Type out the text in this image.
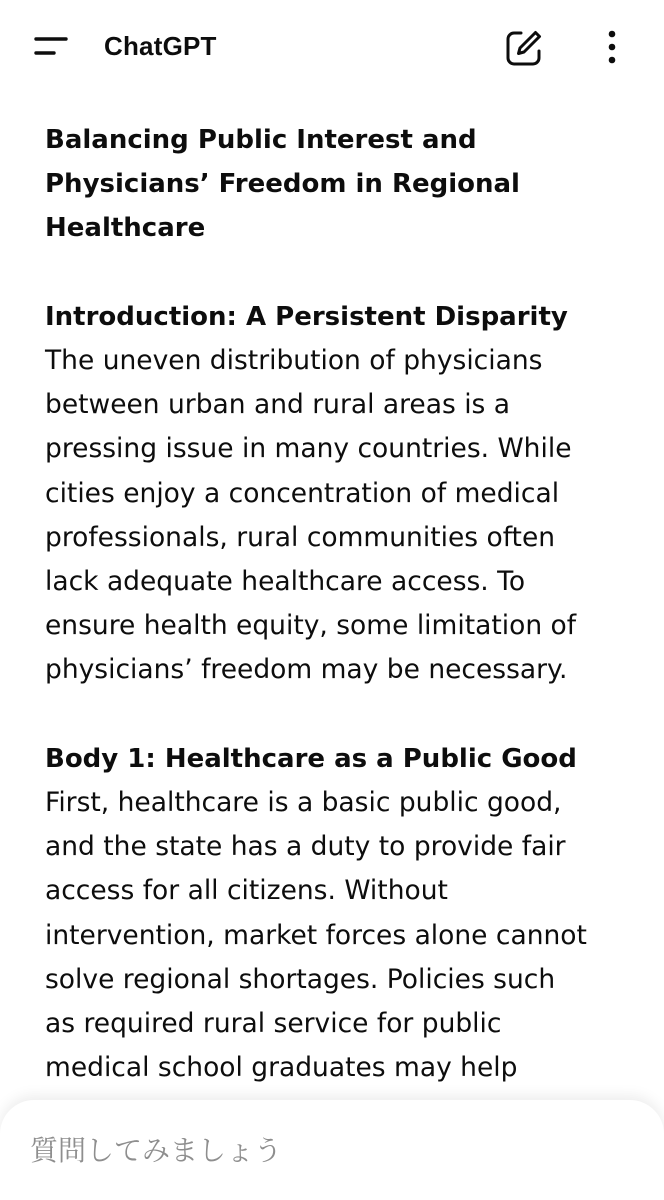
ChatGPT

Balancing Public Interest and
Physicians’ Freedom in Regional
Healthcare

Introduction: A Persistent Disparity

The uneven distribution of physicians
between urban and rural areas is a
pressing issue in many countries. While
cities enjoy a concentration of medical
professionals, rural communities often
lack adequate healthcare access. To
ensure health equity, some limitation of
physicians’ freedom may be necessary.

Body 1: Healthcare as a Public Good

First, healthcare is a basic public good,
and the state has a duty to provide fair
access for all citizens. Without
intervention, market forces alone cannot
solve regional shortages. Policies such
as required rural service for public
medical school graduates may help

質問してみましょう
